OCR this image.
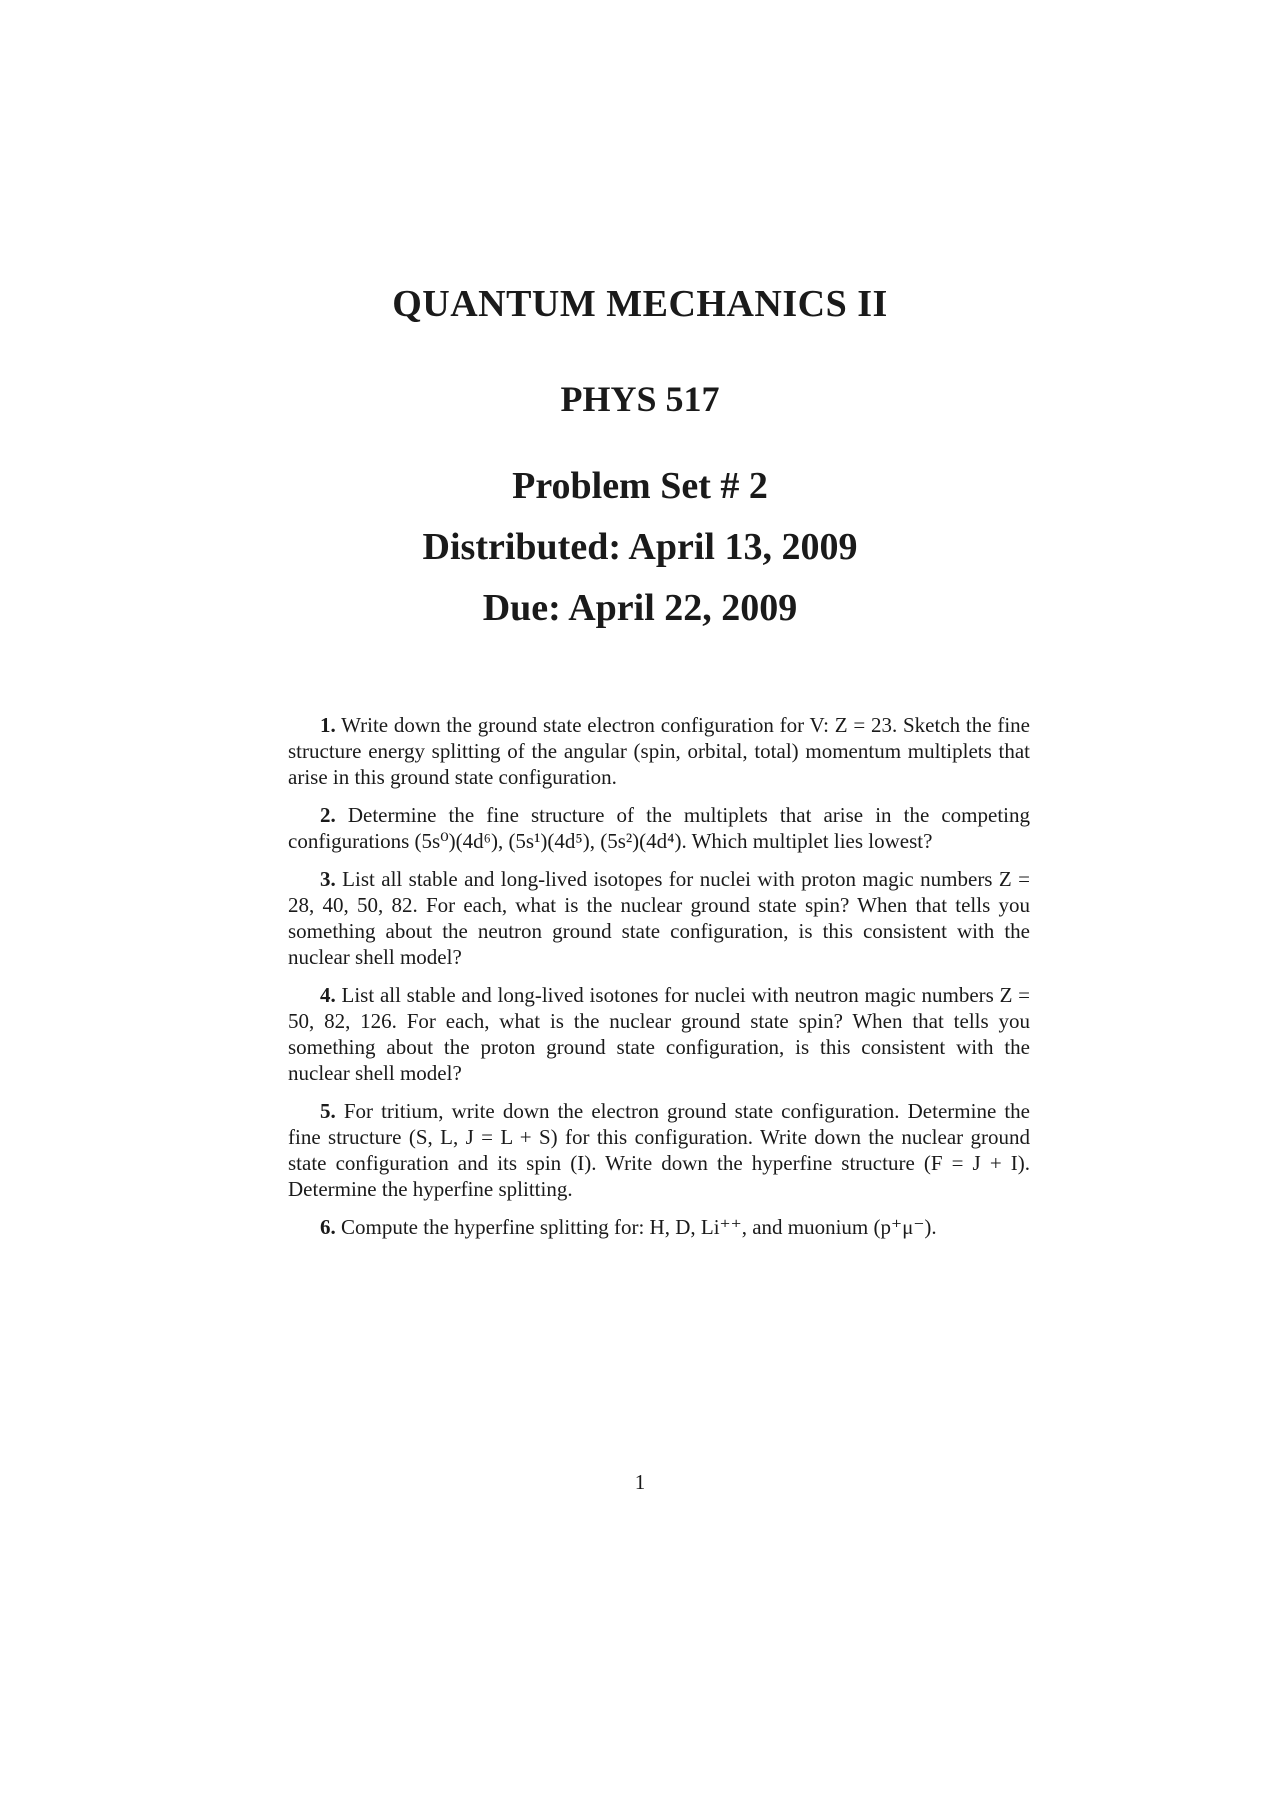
QUANTUM MECHANICS II
PHYS 517
Problem Set # 2
Distributed: April 13, 2009
Due: April 22, 2009

1. Write down the ground state electron configuration for V: Z = 23. Sketch the fine structure energy splitting of the angular (spin, orbital, total) momentum multiplets that arise in this ground state configuration.

2. Determine the fine structure of the multiplets that arise in the competing configurations (5s⁰)(4d⁶), (5s¹)(4d⁵), (5s²)(4d⁴). Which multiplet lies lowest?

3. List all stable and long-lived isotopes for nuclei with proton magic numbers Z = 28, 40, 50, 82. For each, what is the nuclear ground state spin? When that tells you something about the neutron ground state configuration, is this consistent with the nuclear shell model?

4. List all stable and long-lived isotones for nuclei with neutron magic numbers Z = 50, 82, 126. For each, what is the nuclear ground state spin? When that tells you something about the proton ground state configuration, is this consistent with the nuclear shell model?

5. For tritium, write down the electron ground state configuration. Determine the fine structure (S, L, J = L + S) for this configuration. Write down the nuclear ground state configuration and its spin (I). Write down the hyperfine structure (F = J + I). Determine the hyperfine splitting.

6. Compute the hyperfine splitting for: H, D, Li⁺⁺, and muonium (p⁺μ⁻).

1
